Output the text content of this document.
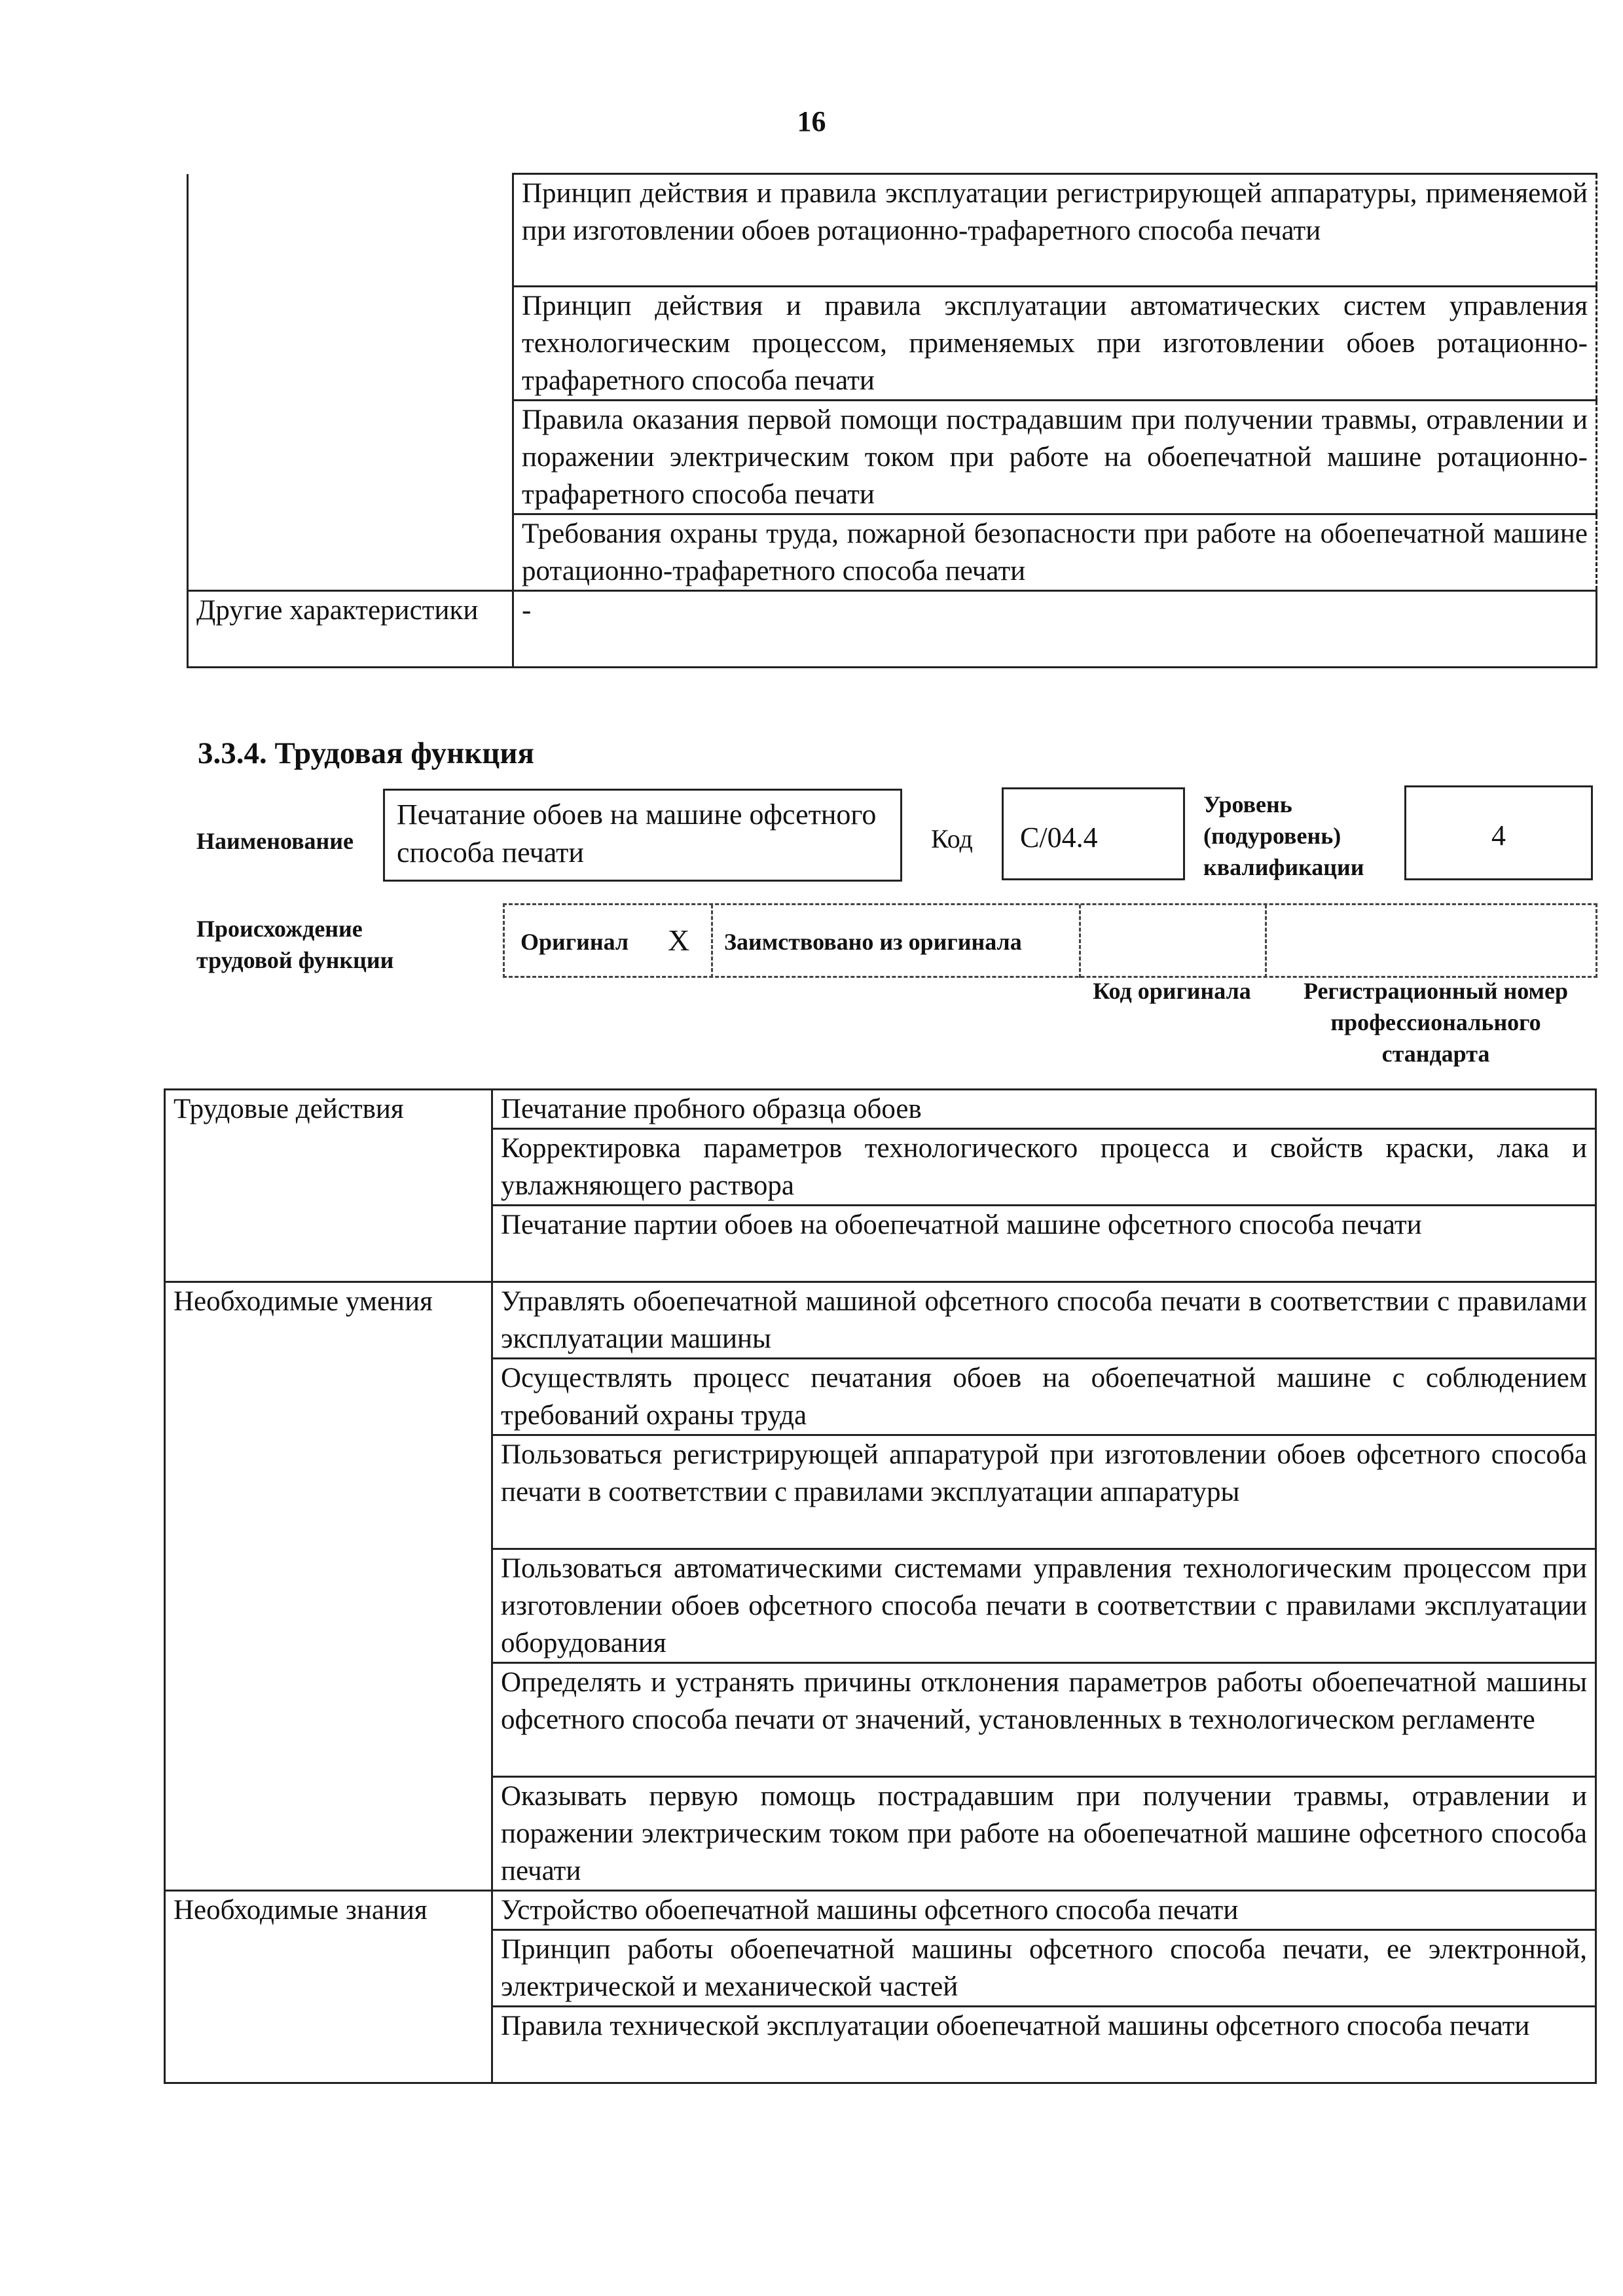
16
	Принцип действия и правила эксплуатации регистрирующей аппаратуры, применяемой при изготовлении обоев ротационно-трафаретного способа печати
	Принцип действия и правила эксплуатации автоматических систем управления технологическим процессом, применяемых при изготовлении обоев ротационно-трафаретного способа печати
	Правила оказания первой помощи пострадавшим при получении травмы, отравлении и поражении электрическим током при работе на обоепечатной машине ротационно-трафаретного способа печати
	Требования охраны труда, пожарной безопасности при работе на обоепечатной машине ротационно-трафаретного способа печати
Другие характеристики	-
3.3.4. Трудовая функция
Наименование
Печатание обоев на машине офсетного способа печати	Код	С/04.4
Уровень (подуровень) квалификации
4
Происхождение трудовой функции
Оригинал Х Заимствовано из оригинала
Код оригинала	Регистрационный номер профессионального стандарта
Трудовые действия	Печатание пробного образца обоев
	Корректировка параметров технологического процесса и свойств краски, лака и увлажняющего раствора
	Печатание партии обоев на обоепечатной машине офсетного способа печати
Необходимые умения	Управлять обоепечатной машиной офсетного способа печати в соответствии с правилами эксплуатации машины
	Осуществлять процесс печатания обоев на обоепечатной машине с соблюдением требований охраны труда
	Пользоваться регистрирующей аппаратурой при изготовлении обоев офсетного способа печати в соответствии с правилами эксплуатации аппаратуры
	Пользоваться автоматическими системами управления технологическим процессом при изготовлении обоев офсетного способа печати в соответствии с правилами эксплуатации оборудования
	Определять и устранять причины отклонения параметров работы обоепечатной машины офсетного способа печати от значений, установленных в технологическом регламенте
	Оказывать первую помощь пострадавшим при получении травмы, отравлении и поражении электрическим током при работе на обоепечатной машине офсетного способа печати
Необходимые знания	Устройство обоепечатной машины офсетного способа печати
	Принцип работы обоепечатной машины офсетного способа печати, ее электронной, электрической и механической частей
	Правила технической эксплуатации обоепечатной машины офсетного способа печати
